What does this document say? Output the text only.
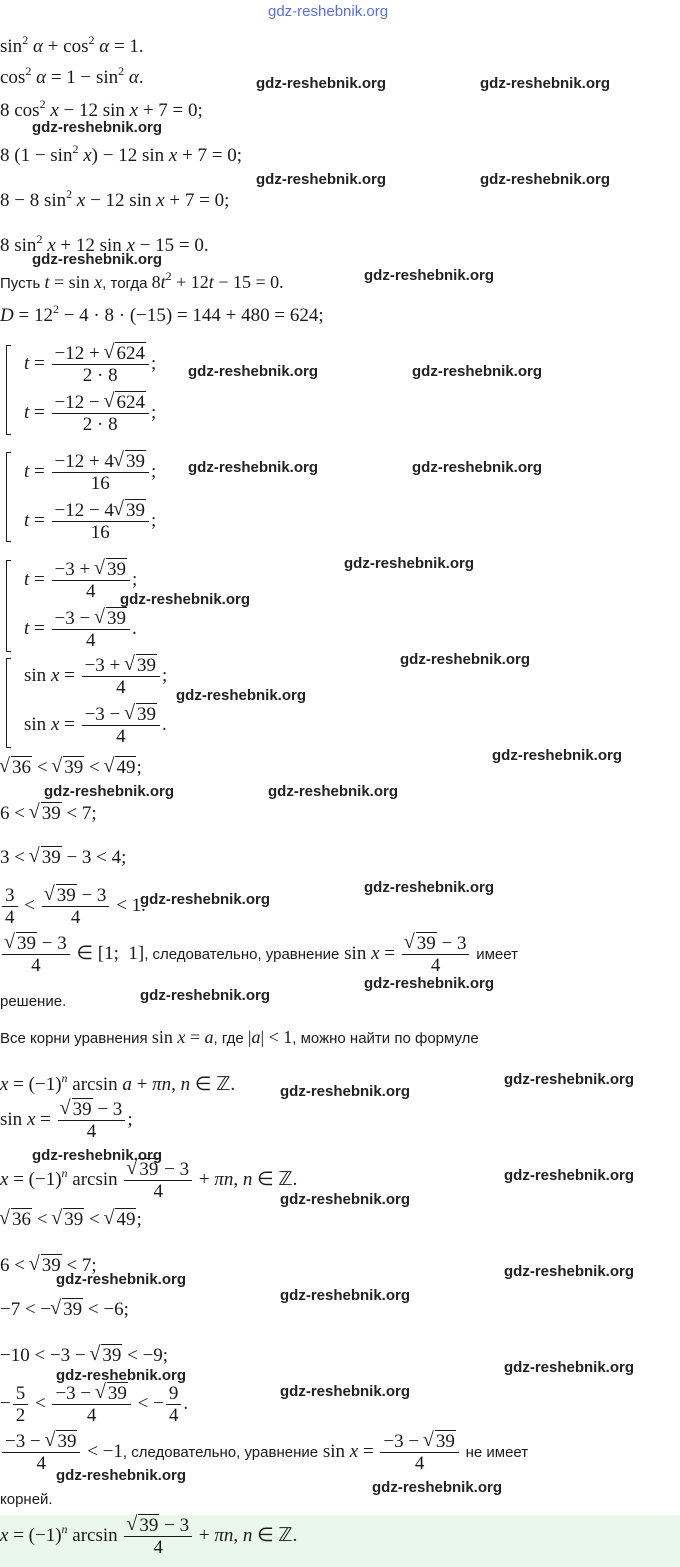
gdz-reshebnik.org
gdz-reshebnik.org	gdz-reshebnik.org
gdz-reshebnik.org
gdz-reshebnik.org	gdz-reshebnik.org
gdz-reshebnik.org
gdz-reshebnik.org
gdz-reshebnik.org	gdz-reshebnik.org
gdz-reshebnik.org	gdz-reshebnik.org
gdz-reshebnik.org
gdz-reshebnik.org
gdz-reshebnik.org
gdz-reshebnik.org
gdz-reshebnik.org
gdz-reshebnik.org	gdz-reshebnik.org
gdz-reshebnik.org
gdz-reshebnik.org
gdz-reshebnik.org
gdz-reshebnik.org
gdz-reshebnik.org
gdz-reshebnik.org
gdz-reshebnik.org
gdz-reshebnik.org
gdz-reshebnik.org
gdz-reshebnik.org	gdz-reshebnik.org
gdz-reshebnik.org
gdz-reshebnik.org
gdz-reshebnik.org
gdz-reshebnik.org
gdz-reshebnik.org
gdz-reshebnik.org
$\sin^2 \alpha + \cos^2 \alpha = 1$.
$\cos^2 \alpha = 1 - \sin^2 \alpha$.
8 $\cos^2 x - 12$ sin x + 7 = 0;
8 $(1 - \sin^2 x) - 12$ sin x + 7 = 0;
8 − 8 $\sin^2 x - 12$ sin x + 7 = 0;
8 $\sin^2 x + 12$ sin x − 15 = 0.
Пусть t = sin x, тогда $8t^2 + 12t - 15 = 0$.
$D = 12^2 - 4 \cdot 8 \cdot (-15) = 144 + 480 = 624$;
$t = \frac{-12 + √ 624}{2 \cdot 8}$ ;
$t = \frac{-12 - √ 624}{2 \cdot 8}$ ;
$t = \frac{-12 + 4 √ 39}{16}$ ;
$t = \frac{-12 - 4 √ 39}{16}$ ;
$t = \frac{-3 + √ 39}{4}$ ;
$t = \frac{-3 - √ 39}{4}$ .
$\sin x = \frac{-3 + √ 39}{4}$ ;
$\sin x = \frac{-3 - √ 39}{4}$ .
√ 36 < √ 39 < √ 49;
6 < √ 39 < 7;
3 < √ 39 − 3 < 4;
$\frac{3}{4}$ < √ $\frac{39 - 3}{4} < 1$.
√ $\frac{39 - 3}{4}$ ∈ [1;  1], следовательно, уравнение sin x = √ $\frac{39 - 3}{4}$ имеет
решение.
Все корни уравнения sin x = a, где |a| < 1, можно найти по формуле
$x = (-1)^n$ arcsin a + πn, n ∈ ℤ.
sin x = √ $\frac{39 - 3}{4}$ ;
$x = (-1)^n$ arcsin √ $\frac{39 - 3}{4} + \pi n$, n ∈ ℤ.
√ 36 < √ 39 < √ 49;
6 < √ 39 < 7;
−7 < − √ 39 < −6;
−10 < −3 − √ 39 < −9;
− $\frac{5}{2} < \frac{-3 - √ 39}{4}$ < − $\frac{9}{4}$ .
$\frac{-3 - √ 39}{4} < -1$, следовательно, уравнение $\sin x = \frac{-3 - √ 39}{4}$ не имеет
корней.
$x = (-1)^n$ arcsin √ $\frac{39 - 3}{4} + \pi n$, n ∈ ℤ.
